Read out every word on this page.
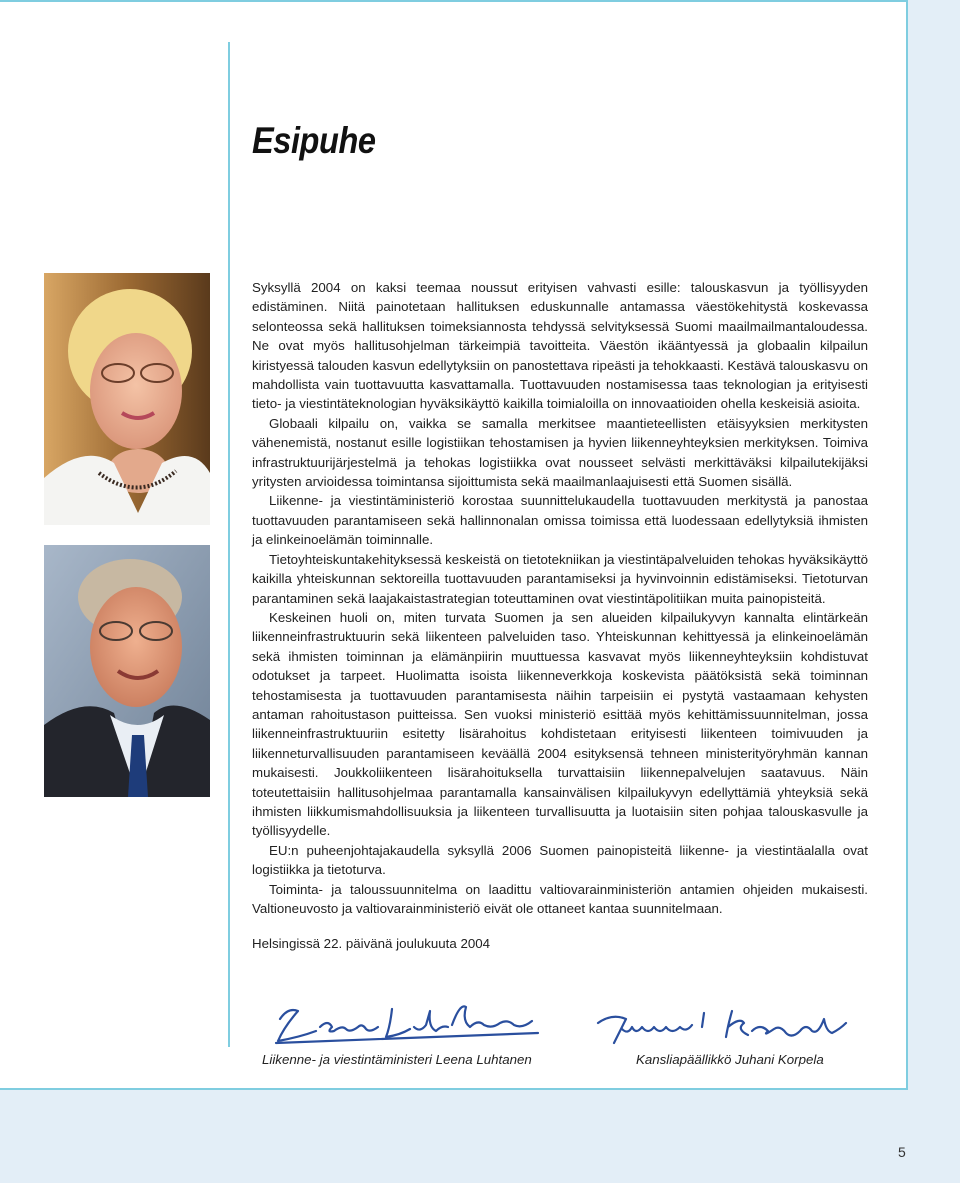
Esipuhe

Syksyllä 2004 on kaksi teemaa noussut erityisen vahvasti esille: talouskasvun ja työllisyyden edistäminen. Niitä painotetaan hallituksen eduskunnalle antamassa väestökehitystä koskevassa selonteossa sekä hallituksen toimeksiannosta tehdyssä selvityksessä Suomi maailmailmantaloudessa. Ne ovat myös hallitusohjelman tärkeimpiä tavoitteita. Väestön ikääntyessä ja globaalin kilpailun kiristyessä talouden kasvun edellytyksiin on panostettava ripeästi ja tehokkaasti. Kestävä talouskasvu on mahdollista vain tuottavuutta kasvattamalla. Tuottavuuden nostamisessa taas teknologian ja erityisesti tieto- ja viestintäteknologian hyväksikäyttö kaikilla toimialoilla on innovaatioiden ohella keskeisiä asioita.

Globaali kilpailu on, vaikka se samalla merkitsee maantieteellisten etäisyyksien merkitysten vähenemistä, nostanut esille logistiikan tehostamisen ja hyvien liikenneyhteyksien merkityksen. Toimiva infrastruktuurijärjestelmä ja tehokas logistiikka ovat nousseet selvästi merkittäväksi kilpailutekijäksi yritysten arvioidessa toimintansa sijoittumista sekä maailmanlaajuisesti että Suomen sisällä.

Liikenne- ja viestintäministeriö korostaa suunnittelukaudella tuottavuuden merkitystä ja panostaa tuottavuuden parantamiseen sekä hallinnonalan omissa toimissa että luodessaan edellytyksiä ihmisten ja elinkeinoelämän toiminnalle.

Tietoyhteiskuntakehityksessä keskeistä on tietotekniikan ja viestintäpalveluiden tehokas hyväksikäyttö kaikilla yhteiskunnan sektoreilla tuottavuuden parantamiseksi ja hyvinvoinnin edistämiseksi. Tietoturvan parantaminen sekä laajakaistastrategian toteuttaminen ovat viestintäpolitiikan muita painopisteitä.

Keskeinen huoli on, miten turvata Suomen ja sen alueiden kilpailukyvyn kannalta elintärkeän liikenneinfrastruktuurin sekä liikenteen palveluiden taso. Yhteiskunnan kehittyessä ja elinkeinoelämän sekä ihmisten toiminnan ja elämänpiirin muuttuessa kasvavat myös liikenneyhteyksiin kohdistuvat odotukset ja tarpeet. Huolimatta isoista liikenneverkkoja koskevista päätöksistä sekä toiminnan tehostamisesta ja tuottavuuden parantamisesta näihin tarpeisiin ei pystytä vastaamaan kehysten antaman rahoitustason puitteissa. Sen vuoksi ministeriö esittää myös kehittämissuunnitelman, jossa liikenneinfrastruktuuriin esitetty lisärahoitus kohdistetaan erityisesti liikenteen toimivuuden ja liikenneturvallisuuden parantamiseen keväällä 2004 esityksensä tehneen ministerityöryhmän kannan mukaisesti. Joukkoliikenteen lisärahoituksella turvattaisiin liikennepalvelujen saatavuus. Näin toteutettaisiin hallitusohjelmaa parantamalla kansainvälisen kilpailukyvyn edellyttämiä yhteyksiä sekä ihmisten liikkumismahdollisuuksia ja liikenteen turvallisuutta ja luotaisiin siten pohjaa talouskasvulle ja työllisyydelle.

EU:n puheenjohtajakaudella syksyllä 2006 Suomen painopisteitä liikenne- ja viestintäalalla ovat logistiikka ja tietoturva.

Toiminta- ja taloussuunnitelma on laadittu valtiovarainministeriön antamien ohjeiden mukaisesti. Valtioneuvosto ja valtiovarainministeriö eivät ole ottaneet kantaa suunnitelmaan.

Helsingissä 22. päivänä joulukuuta 2004
Liikenne- ja viestintäministeri Leena Luhtanen	Kansliapäällikkö Juhani Korpela
5
